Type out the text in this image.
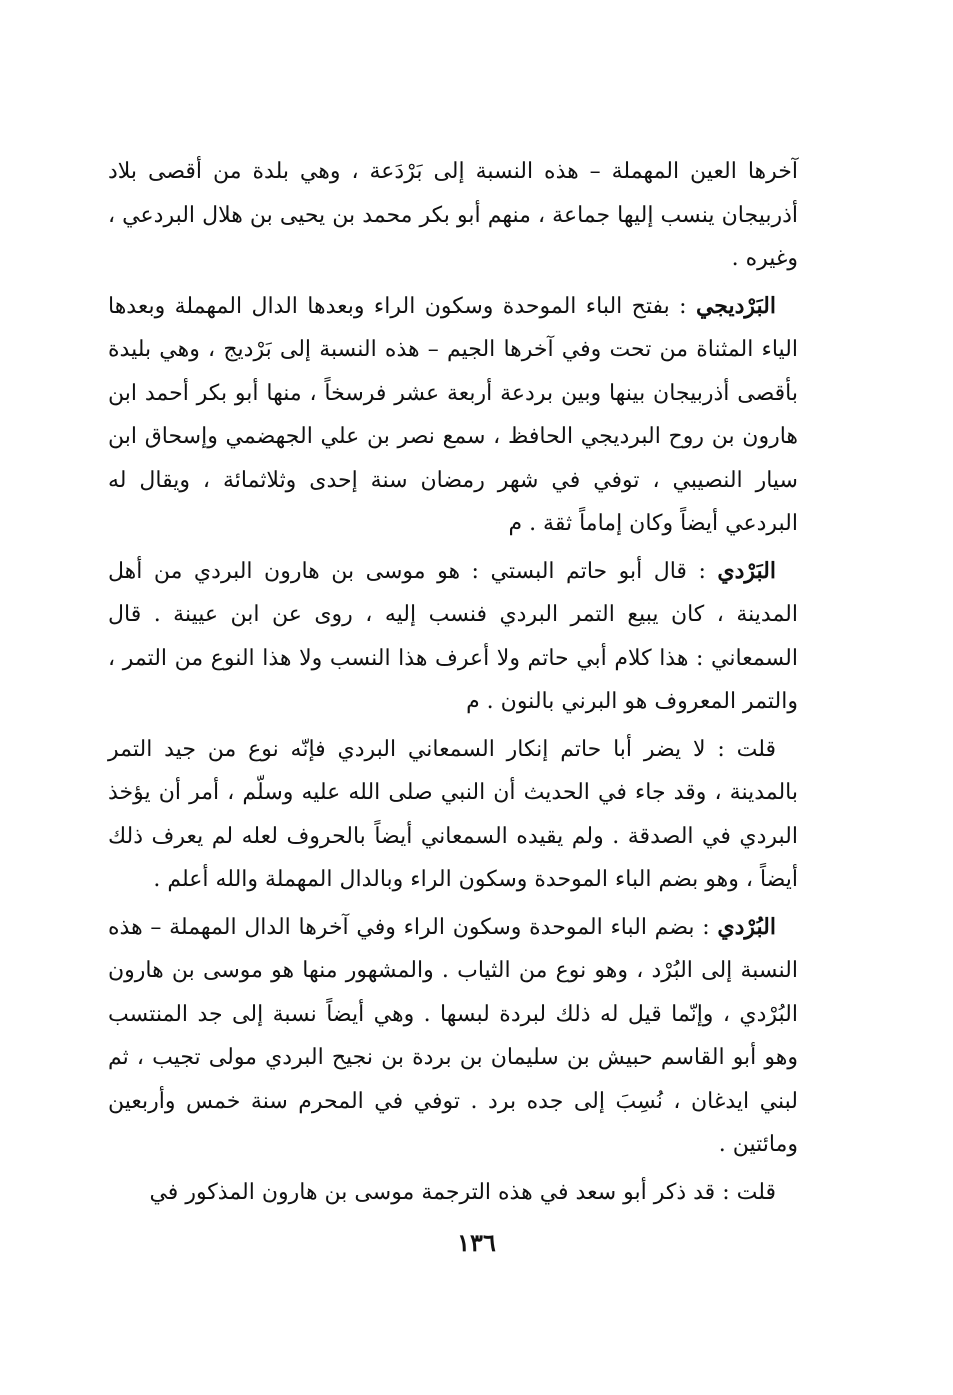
آخرها العين المهملة – هذه النسبة إلى بَرْدَعة ، وهي بلدة من أقصى بلاد أذربيجان ينسب إليها جماعة ، منهم أبو بكر محمد بن يحيى بن هلال البردعي ، وغيره .

البَرْديجي : بفتح الباء الموحدة وسكون الراء وبعدها الدال المهملة وبعدها الياء المثناة من تحت وفي آخرها الجيم – هذه النسبة إلى بَرْديج ، وهي بليدة بأقصى أذربيجان بينها وبين بردعة أربعة عشر فرسخاً ، منها أبو بكر أحمد ابن هارون بن روح البرديجي الحافظ ، سمع نصر بن علي الجهضمي وإسحاق ابن سيار النصيبي ، توفي في شهر رمضان سنة إحدى وثلاثمائة ، ويقال له البردعي أيضاً وكان إماماً ثقة . م

البَرْدي : قال أبو حاتم البستي : هو موسى بن هارون البردي من أهل المدينة ، كان يبيع التمر البردي فنسب إليه ، روى عن ابن عيينة . قال السمعاني : هذا كلام أبي حاتم ولا أعرف هذا النسب ولا هذا النوع من التمر ، والتمر المعروف هو البرني بالنون . م

قلت : لا يضر أبا حاتم إنكار السمعاني البردي فإنّه نوع من جيد التمر بالمدينة ، وقد جاء في الحديث أن النبي صلى الله عليه وسلّم ، أمر أن يؤخذ البردي في الصدقة . ولم يقيده السمعاني أيضاً بالحروف لعله لم يعرف ذلك أيضاً ، وهو بضم الباء الموحدة وسكون الراء وبالدال المهملة والله أعلم .

البُرْدي : بضم الباء الموحدة وسكون الراء وفي آخرها الدال المهملة – هذه النسبة إلى البُرْد ، وهو نوع من الثياب . والمشهور منها هو موسى بن هارون البُرْدي ، وإنّما قيل له ذلك لبردة لبسها . وهي أيضاً نسبة إلى جد المنتسب وهو أبو القاسم حبيش بن سليمان بن بردة بن نجيح البردي مولى تجيب ، ثم لبني ايدغان ، نُسِبَ إلى جده برد . توفي في المحرم سنة خمس وأربعين ومائتين .

قلت : قد ذكر أبو سعد في هذه الترجمة موسى بن هارون المذكور في

١٣٦
